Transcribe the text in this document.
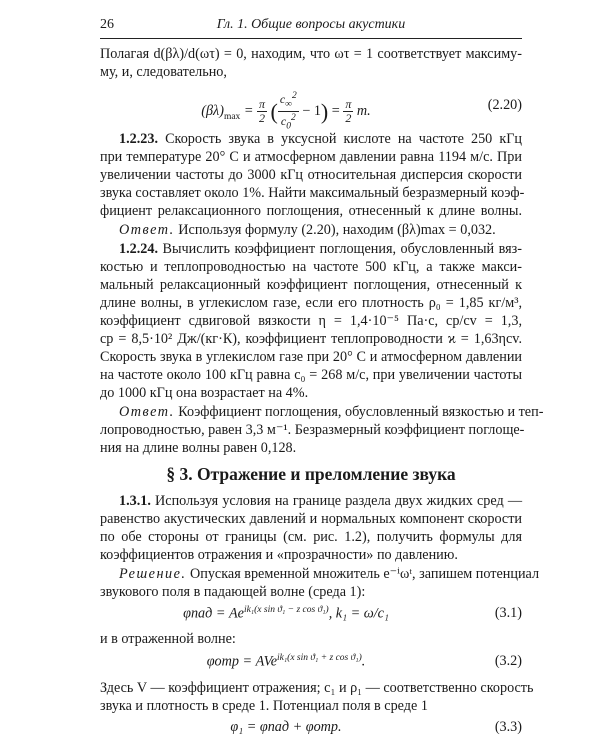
26	Гл. 1. Общие вопросы акустики
Полагая d(βλ)/d(ωτ) = 0, находим, что ωτ = 1 соответствует максиму-
му, и, следовательно,
$(\beta\lambda)_{max} = \frac{\pi}{2}$ ( $\frac{c_\infty^2}{c_0^2} - 1) = \frac{\pi}{2} m$.	(2.20)
1.2.23. Скорость звука в уксусной кислоте на частоте 250 кГц
при температуре 20° С и атмосферном давлении равна 1194 м/с. При
увеличении частоты до 3000 кГц относительная дисперсия скорости
звука составляет около 1%. Найти максимальный безразмерный коэф-
фициент релаксационного поглощения, отнесенный к длине волны.
Ответ. Используя формулу (2.20), находим (βλ)max = 0,032.
1.2.24. Вычислить коэффициент поглощения, обусловленный вяз-
костью и теплопроводностью на частоте 500 кГц, а также макси-
мальный релаксационный коэффициент поглощения, отнесенный к
длине волны, в углекислом газе, если его плотность ρ₀ = 1,85 кг/м³,
коэффициент сдвиговой вязкости η = 1,4·10⁻⁵ Па·с, cp/cv = 1,3,
cp = 8,5·10² Дж/(кг·К), коэффициент теплопроводности ϰ = 1,63ηcv.
Скорость звука в углекислом газе при 20° С и атмосферном давлении
на частоте около 100 кГц равна c₀ = 268 м/с, при увеличении частоты
до 1000 кГц она возрастает на 4%.
Ответ. Коэффициент поглощения, обусловленный вязкостью и теп-
лопроводностью, равен 3,3 м⁻¹. Безразмерный коэффициент поглоще-
ния на длине волны равен 0,128.
§ 3. Отражение и преломление звука
1.3.1. Используя условия на границе раздела двух жидких сред —
равенство акустических давлений и нормальных компонент скорости
по обе стороны от границы (см. рис. 1.2), получить формулы для
коэффициентов отражения и «прозрачности» по давлению.
Решение. Опуская временной множитель e⁻ⁱωᵗ, запишем потенциал
звукового поля в падающей волне (среда 1):
$\varphi пад = Ae^{ik_1(x sin ϑ_1 - z cos ϑ_1)}$, k₁ = ω/c₁	(3.1)
и в отраженной волне:
φотр = AVe$^{ik_1(x sin ϑ_1 + z cos ϑ_1)}$.	(3.2)
Здесь V — коэффициент отражения; c₁ и ρ₁ — соответственно скорость
звука и плотность в среде 1. Потенциал поля в среде 1
φ₁ = φпад + φотр.	(3.3)
